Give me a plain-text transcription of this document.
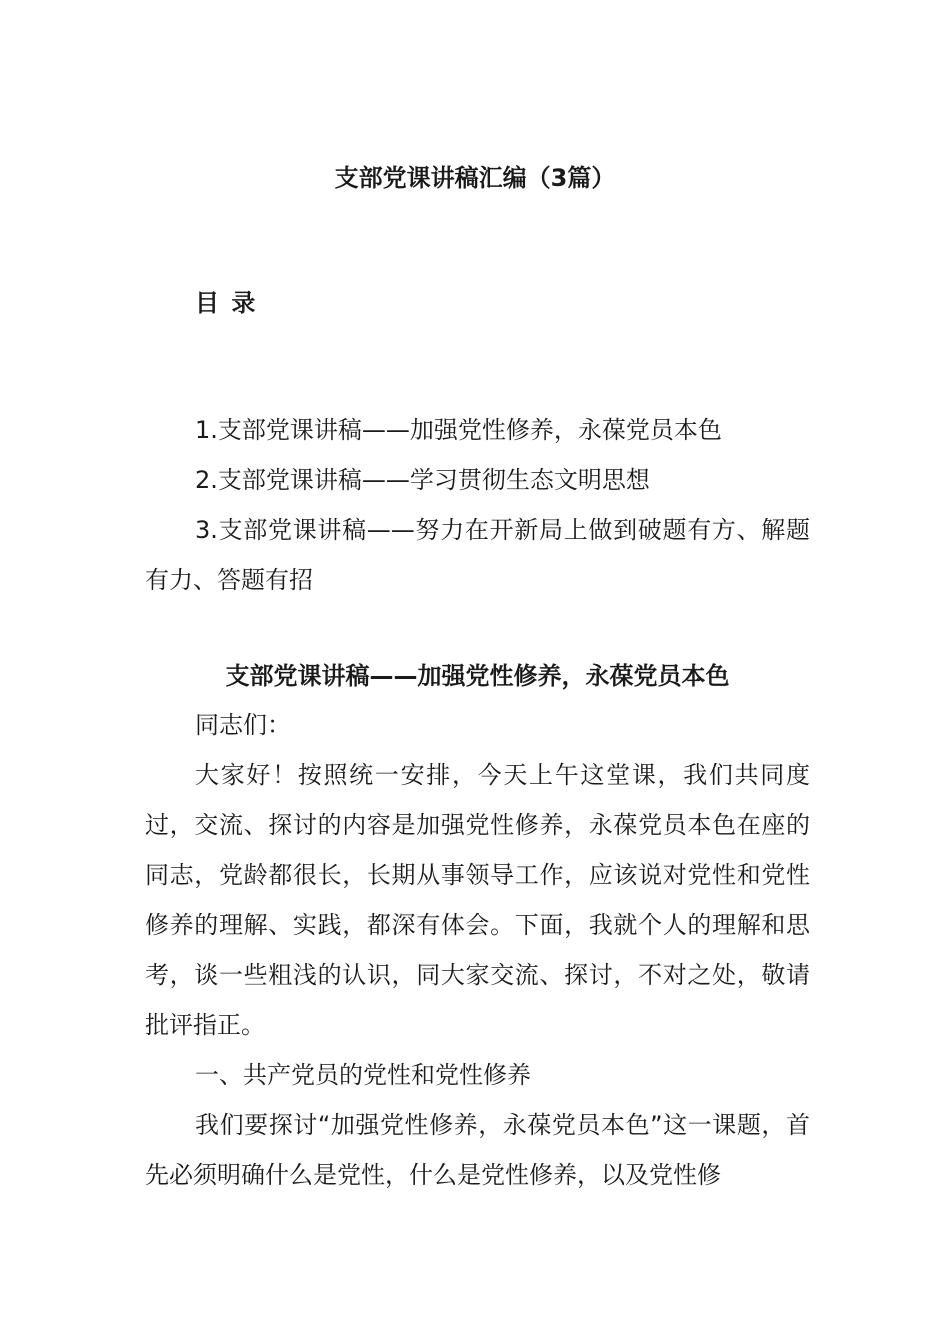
支部党课讲稿汇编（3篇）
目 录
1.支部党课讲稿——加强党性修养，永葆党员本色
2.支部党课讲稿——学习贯彻生态文明思想
3.支部党课讲稿——努力在开新局上做到破题有方、解题有力、答题有招
支部党课讲稿——加强党性修养，永葆党员本色

同志们：

大家好！按照统一安排，今天上午这堂课，我们共同度过，交流、探讨的内容是加强党性修养，永葆党员本色在座的同志，党龄都很长，长期从事领导工作，应该说对党性和党性修养的理解、实践，都深有体会。下面，我就个人的理解和思考，谈一些粗浅的认识，同大家交流、探讨，不对之处，敬请批评指正。

一、共产党员的党性和党性修养

我们要探讨“加强党性修养，永葆党员本色”这一课题，首先必须明确什么是党性，什么是党性修养，以及党性修
